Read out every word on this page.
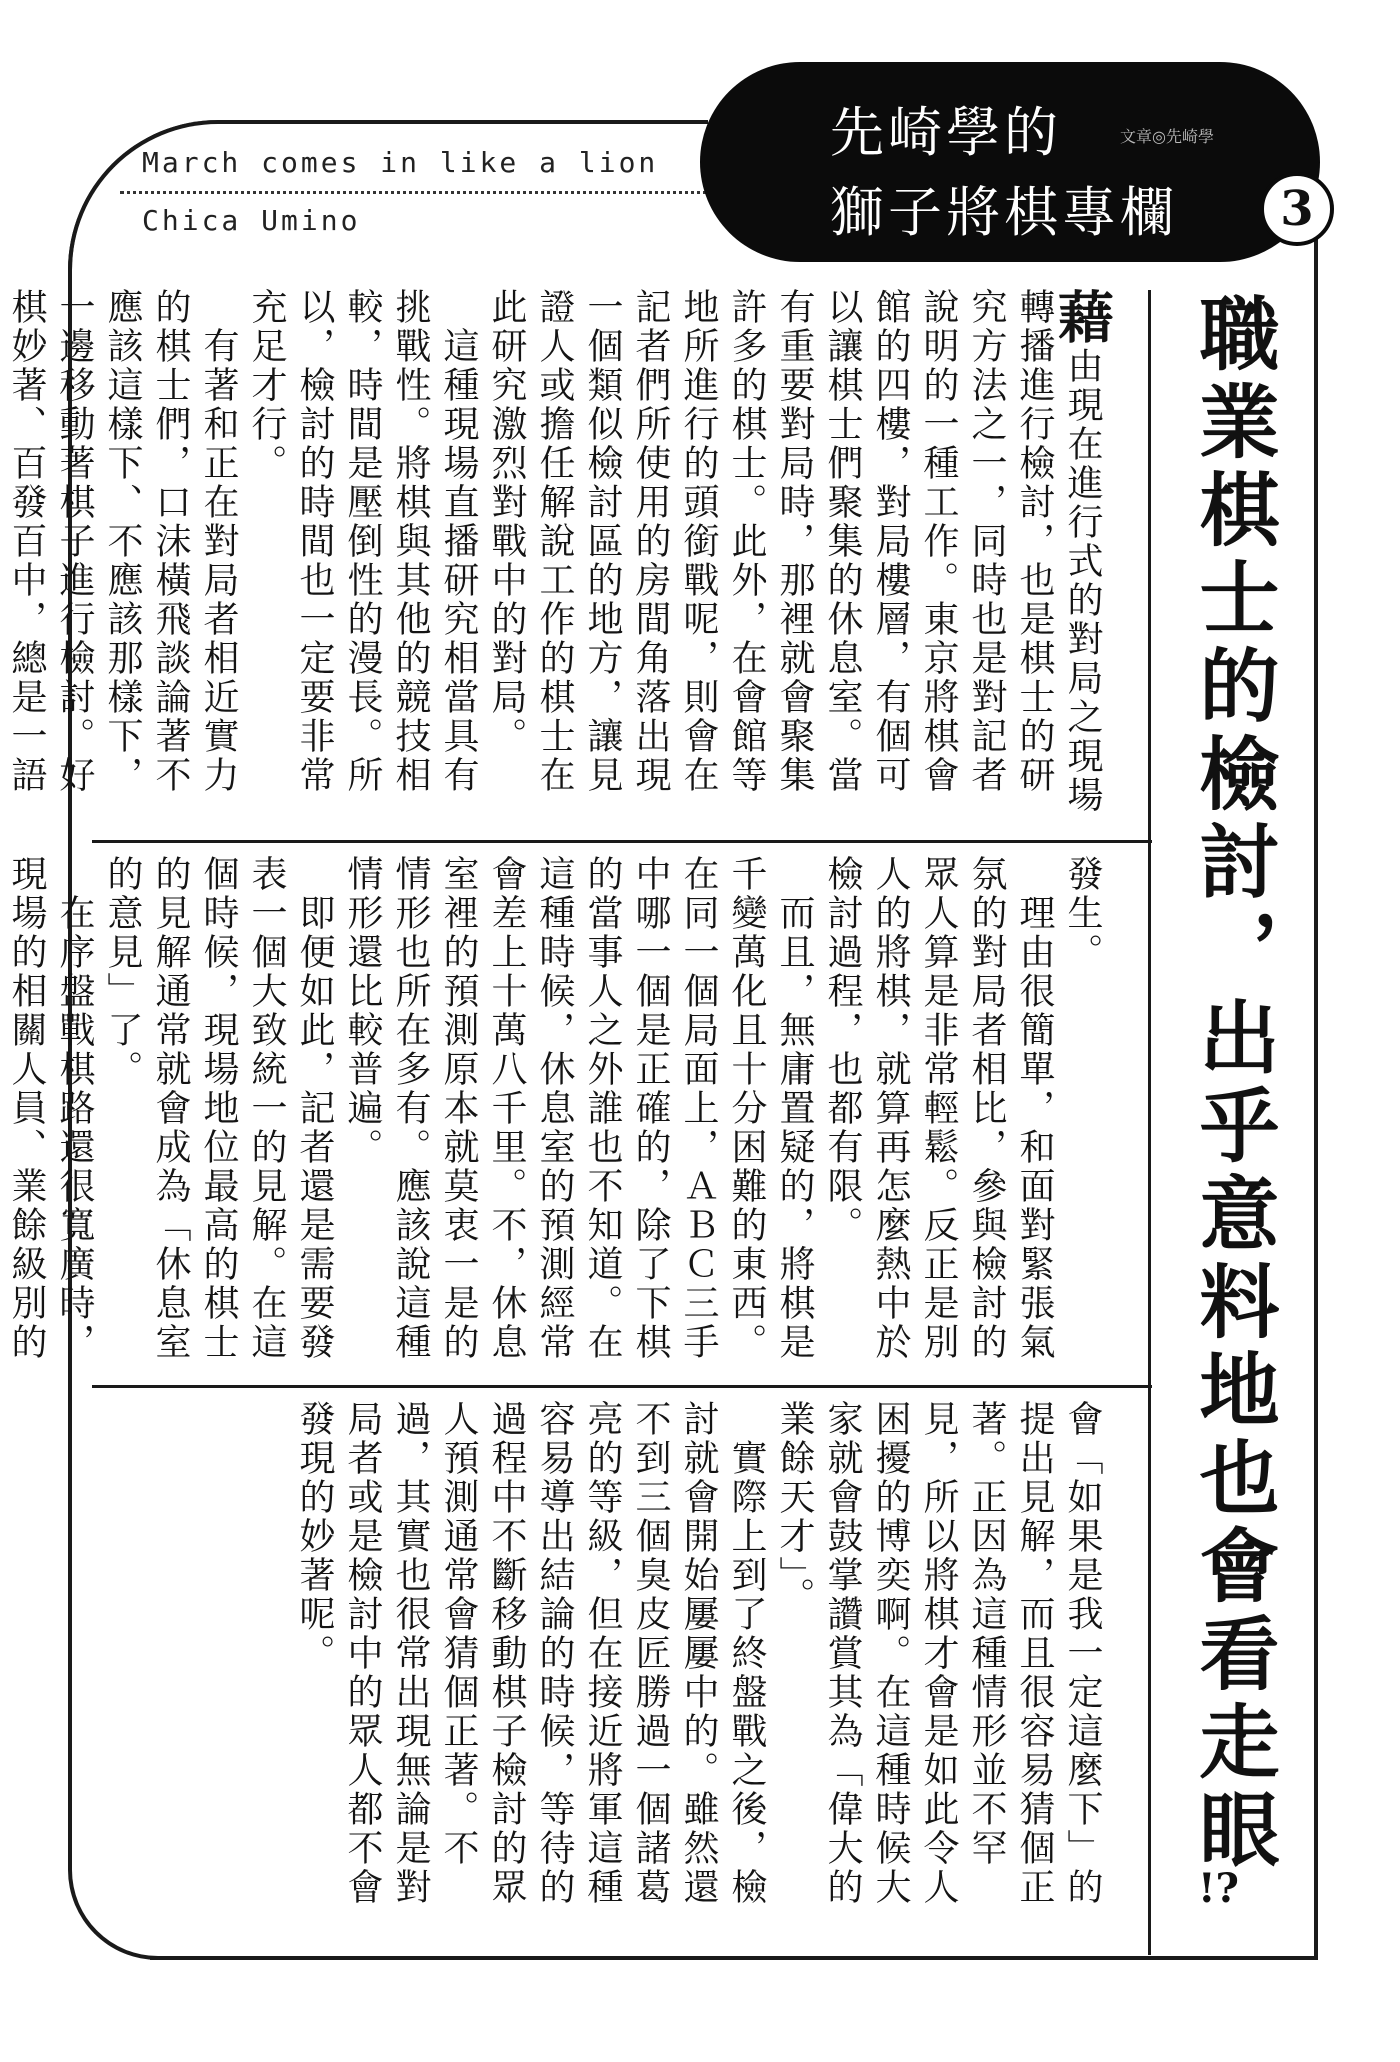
March comes in like a lion
Chica Umino
先崎學的	文章◎先崎學
獅子將棋專欄	3
職業棋士的檢討，出乎意料地也會看走眼
!?
藉由現在進行式的對局之現場轉播進行檢討，也是棋士的研究方法之一，同時也是對記者說明的一種工作。東京將棋會館的四樓，對局樓層，有個可以讓棋士們聚集的休息室。當有重要對局時，那裡就會聚集許多的棋士。此外，在會館等地所進行的頭銜戰呢，則會在記者們所使用的房間角落出現一個類似檢討區的地方，讓見證人或擔任解說工作的棋士在此研究激烈對戰中的對局。
　這種現場直播研究相當具有挑戰性。將棋與其他的競技相較，時間是壓倒性的漫長。所以，檢討的時間也一定要非常充足才行。
　有著和正在對局者相近實力的棋士們，口沫橫飛談論著不應該這樣下、不應該那樣下，一邊移動著棋子進行檢討。好棋妙著、百發百中，總是一語
發生。
　理由很簡單，和面對緊張氣氛的對局者相比，參與檢討的眾人算是非常輕鬆。反正是別人的將棋，就算再怎麼熱中於檢討過程，也都有限。
　而且，無庸置疑的，將棋是千變萬化且十分困難的東西。在同一個局面上，ＡＢＣ三手中哪一個是正確的，除了下棋的當事人之外誰也不知道。在這種時候，休息室的預測經常會差上十萬八千里。不，休息室裡的預測原本就莫衷一是的情形也所在多有。應該說這種情形還比較普遍。
　即便如此，記者還是需要發表一個大致統一的見解。在這個時候，現場地位最高的棋士的見解通常就會成為「休息室的意見」了。
　在序盤戰棋路還很寬廣時，現場的相關人員、業餘級別的
會「如果是我一定這麼下」的提出見解，而且很容易猜個正著。正因為這種情形並不罕見，所以將棋才會是如此令人困擾的博奕啊。在這種時候大家就會鼓掌讚賞其為「偉大的業餘天才」。
　實際上到了終盤戰之後，檢討就會開始屢屢中的。雖然還不到三個臭皮匠勝過一個諸葛亮的等級，但在接近將軍這種容易導出結論的時候，等待的過程中不斷移動棋子檢討的眾人預測通常會猜個正著。不過，其實也很常出現無論是對局者或是檢討中的眾人都不會發現的妙著呢。
